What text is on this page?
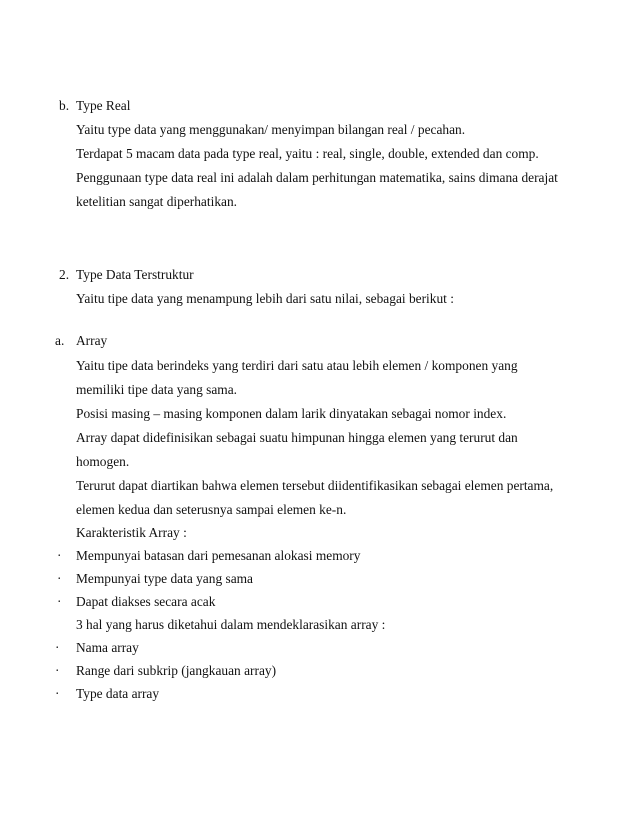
b. Type Real
Yaitu type data yang menggunakan/ menyimpan bilangan real / pecahan.
Terdapat 5 macam data pada type real, yaitu : real, single, double, extended dan comp.
Penggunaan type data real ini adalah dalam perhitungan matematika, sains dimana derajat
ketelitian sangat diperhatikan.
2. Type Data Terstruktur
Yaitu tipe data yang menampung lebih dari satu nilai, sebagai berikut :
a. Array
Yaitu tipe data berindeks yang terdiri dari satu atau lebih elemen / komponen yang
memiliki tipe data yang sama.
Posisi masing – masing komponen dalam larik dinyatakan sebagai nomor index.
Array dapat didefinisikan sebagai suatu himpunan hingga elemen yang terurut dan
homogen.
Terurut dapat diartikan bahwa elemen tersebut diidentifikasikan sebagai elemen pertama,
elemen kedua dan seterusnya sampai elemen ke-n.
Karakteristik Array :
· Mempunyai batasan dari pemesanan alokasi memory
· Mempunyai type data yang sama
· Dapat diakses secara acak
3 hal yang harus diketahui dalam mendeklarasikan array :
· Nama array
· Range dari subkrip (jangkauan array)
· Type data array
